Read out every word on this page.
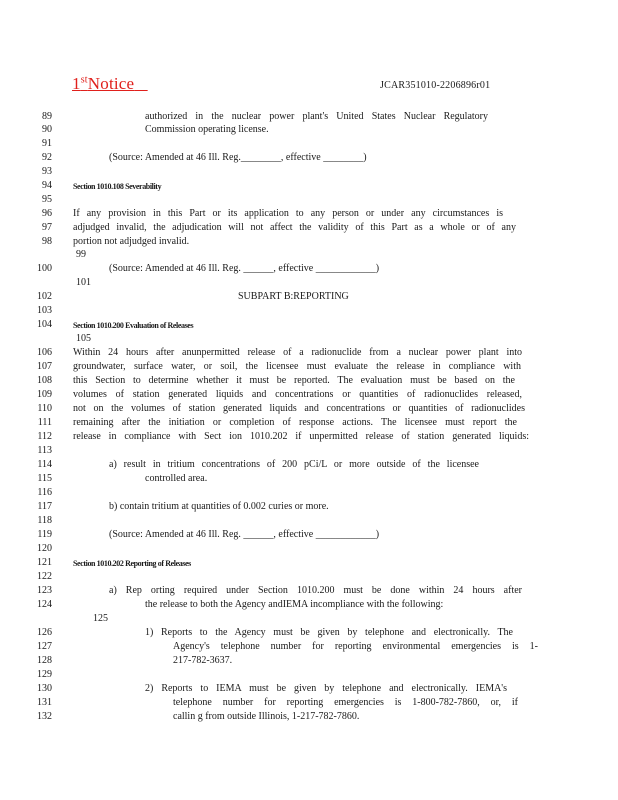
1stNotice	JCAR351010-2206896r01
89
90
91
92
93
94
95
96
97
98
100
102
103
104
106
107
108
109
110
111
112
113
114
115
116
117
118
119
120
121
122
123
124
126
127
128
129
130
131
132
99
101
105
125
authorized in the nuclear power plant's United States Nuclear Regulatory
Commission operating license.
(Source: Amended at 46 Ill. Reg.________, effective ________)
Section 1010.108 Severability
If any provision in this Part or its application to any person or under any circumstances is
adjudged invalid, the adjudication will not affect the validity of this Part as a whole or of any
portion not adjudged invalid.
(Source: Amended at 46 Ill. Reg. ______, effective ____________)
SUBPART B:REPORTING
Section 1010.200 Evaluation of Releases
Within 24 hours after anunpermitted release of a radionuclide from a nuclear power plant into
groundwater, surface water, or soil, the licensee must evaluate the release in compliance with
this Section to determine whether it must be reported. The evaluation must be based on the
volumes of station generated liquids and concentrations or quantities of radionuclides released,
not on the volumes of station generated liquids and concentrations or quantities of radionuclides
remaining after the initiation or completion of response actions. The licensee must report the
release in compliance with Sect ion 1010.202 if unpermitted release of station generated liquids:
a) result in tritium concentrations of 200 pCi/L or more outside of the licensee
controlled area.
b) contain tritium at quantities of 0.002 curies or more.
(Source: Amended at 46 Ill. Reg. ______, effective ____________)
Section 1010.202 Reporting of Releases
a) Rep orting required under Section 1010.200 must be done within 24 hours after
the release to both the Agency andIEMA incompliance with the following:
1) Reports to the Agency must be given by telephone and electronically. The
Agency's telephone number for reporting environmental emergencies is 1-
217-782-3637.
2) Reports to IEMA must be given by telephone and electronically. IEMA's
telephone number for reporting emergencies is 1-800-782-7860, or, if
callin g from outside Illinois, 1-217-782-7860.
